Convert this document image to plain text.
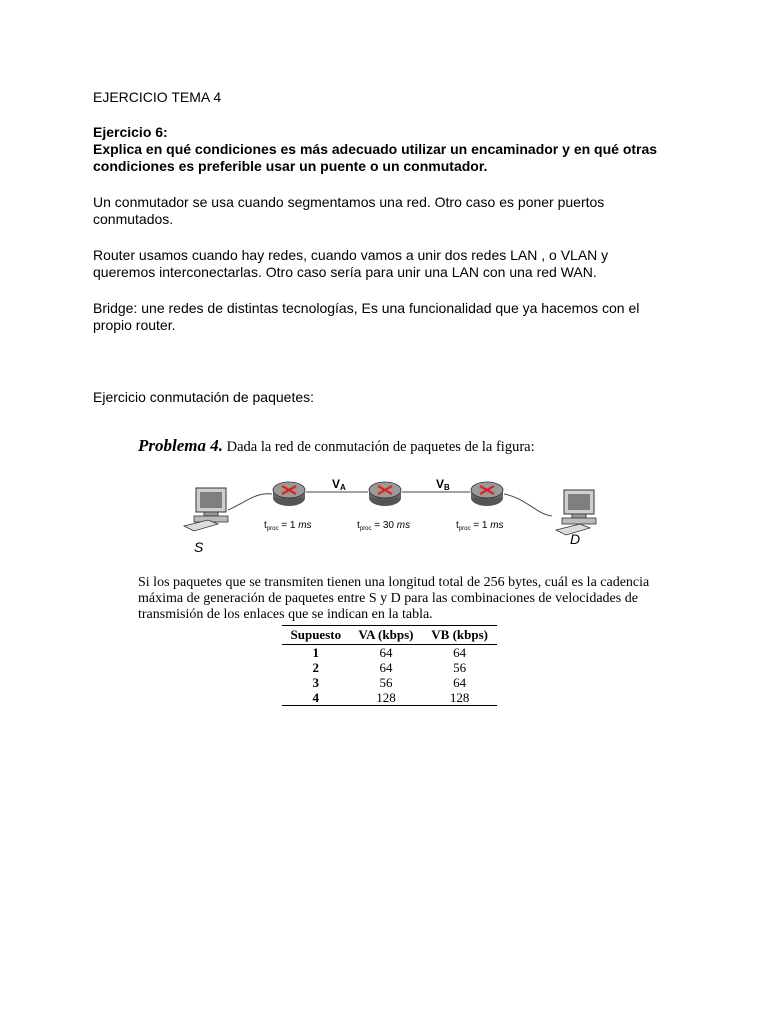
EJERCICIO TEMA 4
Ejercicio 6:
Explica en qué condiciones es más adecuado utilizar un encaminador y en qué otras
condiciones es preferible usar un puente o un conmutador.
Un conmutador se usa cuando segmentamos una red. Otro caso es poner puertos
conmutados.
Router usamos cuando hay redes, cuando vamos a unir dos redes LAN , o VLAN y
queremos interconectarlas. Otro caso sería para unir una LAN con una red WAN.
Bridge: une redes de distintas tecnologías, Es una funcionalidad que ya hacemos con el
propio router.
Ejercicio conmutación de paquetes:
Problema 4. Dada la red de conmutación de paquetes de la figura:
VA	VB
$t_{proc} = 1$ ms	$t_{proc} = 30$ ms	$t_{proc} = 1$ ms
S	D
Si los paquetes que se transmiten tienen una longitud total de 256 bytes, cuál es la cadencia
máxima de generación de paquetes entre S y D para las combinaciones de velocidades de
transmisión de los enlaces que se indican en la tabla.
Supuesto	VA (kbps)	VB (kbps)
1	64	64
2	64	56
3	56	64
4	128	128
